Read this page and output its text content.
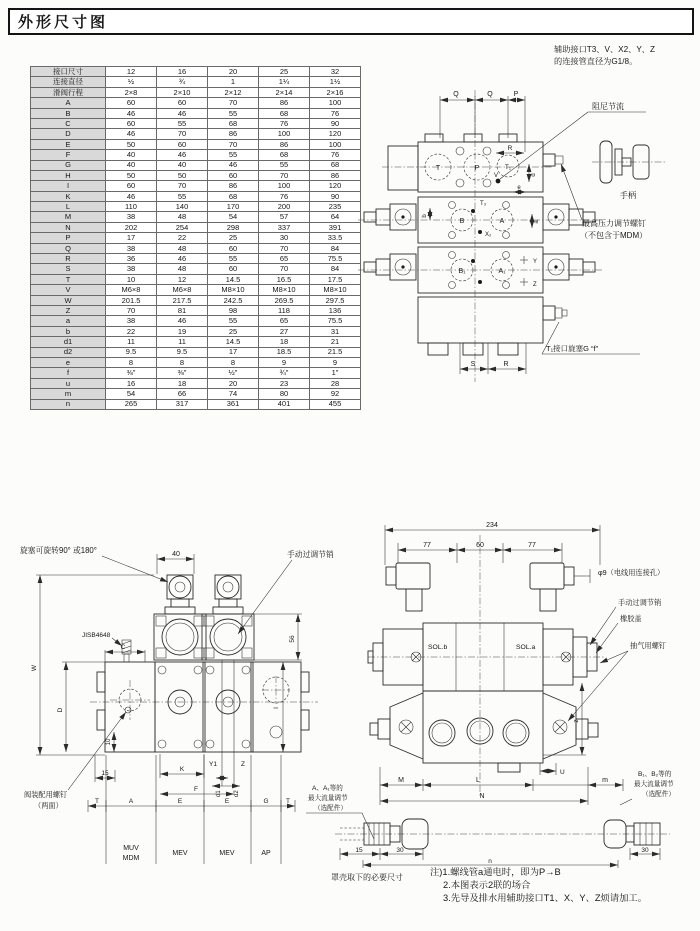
外形尺寸图
接口尺寸	12	16	20	25	32
连接直径	½	¾	1	1¼	1½
滑阀行程	2×8	2×10	2×12	2×14	2×16
A	60	60	70	86	100
B	46	46	55	68	76
C	60	55	68	76	90
D	46	70	86	100	120
E	50	60	70	86	100
F	40	46	55	68	76
G	40	40	46	55	68
H	50	50	60	70	86
I	60	70	86	100	120
K	46	55	68	76	90
L	110	140	170	200	235
M	38	48	54	57	64
N	202	254	298	337	391
P	17	22	25	30	33.5
Q	38	48	60	70	84
R	36	46	55	65	75.5
S	38	48	60	70	84
T	10	12	14.5	16.5	17.5
V	M6×8	M6×8	M8×10	M8×10	M8×10
W	201.5	217.5	242.5	269.5	297.5
Z	70	81	98	118	136
a	38	46	55	65	75.5
b	22	19	25	27	31
d1	11	11	14.5	18	21
d2	9.5	9.5	17	18.5	21.5
e	8	8	8	9	9
f	⅜"	⅜"	½"	¾"	1"
u	16	18	20	23	28
m	54	66	74	80	92
n	265	317	361	401	455
辅助接口T3、V、X2、Y、Z
的连接管直径为G1/8。
Q	Q	P
T	P	T₁
V
R
d
e
T₃
B	A
X₂
b
a
B₁	A₁
Y
Z
S	R
阻尼节流
手柄
最高压力调节螺钉
（不包含于MDM）
T₁接口旋塞G “f”
旋塞可旋转90° 或180°	40	手动过调节销
56
JISB4648
C
W
D	I
10
Y1	Z
d1 d2
K
F
15
T	A	E	E	G	T
MUV
MDM
MEV	MEV	AP
阀装配用螺钉
（两面）
A、A₁等的
最大流量调节
（选配件）
234
77	60	77
φ9（电线用连接孔）
SOL.b	SOL.a
手动过调节销
橡胶盖
抽气用螺钉
z
U
M	L	m
N
B₁、B₂等的
最大流量调节
（选配件）
15	30	30
n
罩壳取下的必要尺寸
注)1.螺线管a通电时，即为P→B
2.本图表示2联的场合
3.先导及排水用辅助接口T1、X、Y、Z烦请加工。
